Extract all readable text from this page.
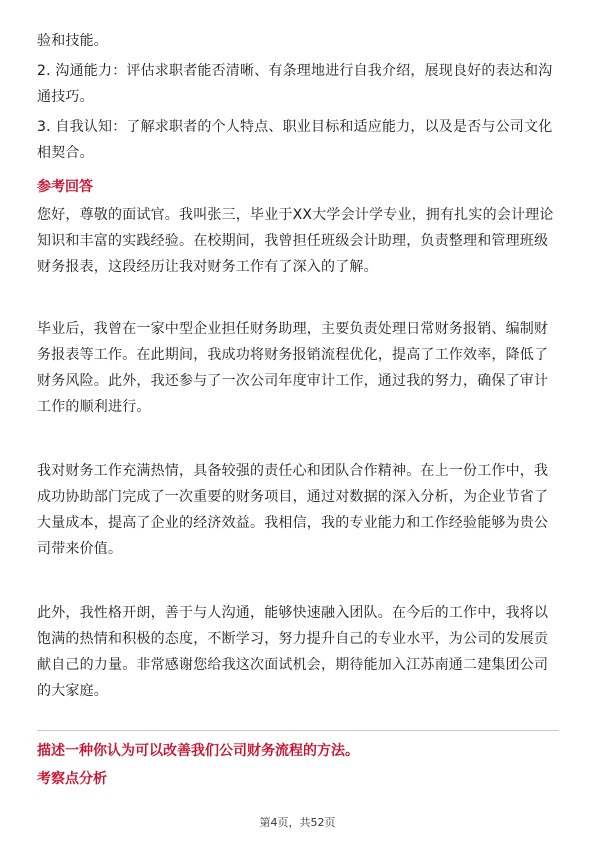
验和技能。

2. 沟通能力：评估求职者能否清晰、有条理地进行自我介绍，展现良好的表达和沟通技巧。

3. 自我认知：了解求职者的个人特点、职业目标和适应能力，以及是否与公司文化相契合。

参考回答

您好，尊敬的面试官。我叫张三，毕业于XX大学会计学专业，拥有扎实的会计理论知识和丰富的实践经验。在校期间，我曾担任班级会计助理，负责整理和管理班级财务报表，这段经历让我对财务工作有了深入的了解。

毕业后，我曾在一家中型企业担任财务助理，主要负责处理日常财务报销、编制财务报表等工作。在此期间，我成功将财务报销流程优化，提高了工作效率，降低了财务风险。此外，我还参与了一次公司年度审计工作，通过我的努力，确保了审计工作的顺利进行。

我对财务工作充满热情，具备较强的责任心和团队合作精神。在上一份工作中，我成功协助部门完成了一次重要的财务项目，通过对数据的深入分析，为企业节省了大量成本，提高了企业的经济效益。我相信，我的专业能力和工作经验能够为贵公司带来价值。

此外，我性格开朗，善于与人沟通，能够快速融入团队。在今后的工作中，我将以饱满的热情和积极的态度，不断学习，努力提升自己的专业水平，为公司的发展贡献自己的力量。非常感谢您给我这次面试机会，期待能加入江苏南通二建集团公司的大家庭。

描述一种你认为可以改善我们公司财务流程的方法。
考察点分析
第4页，共52页
